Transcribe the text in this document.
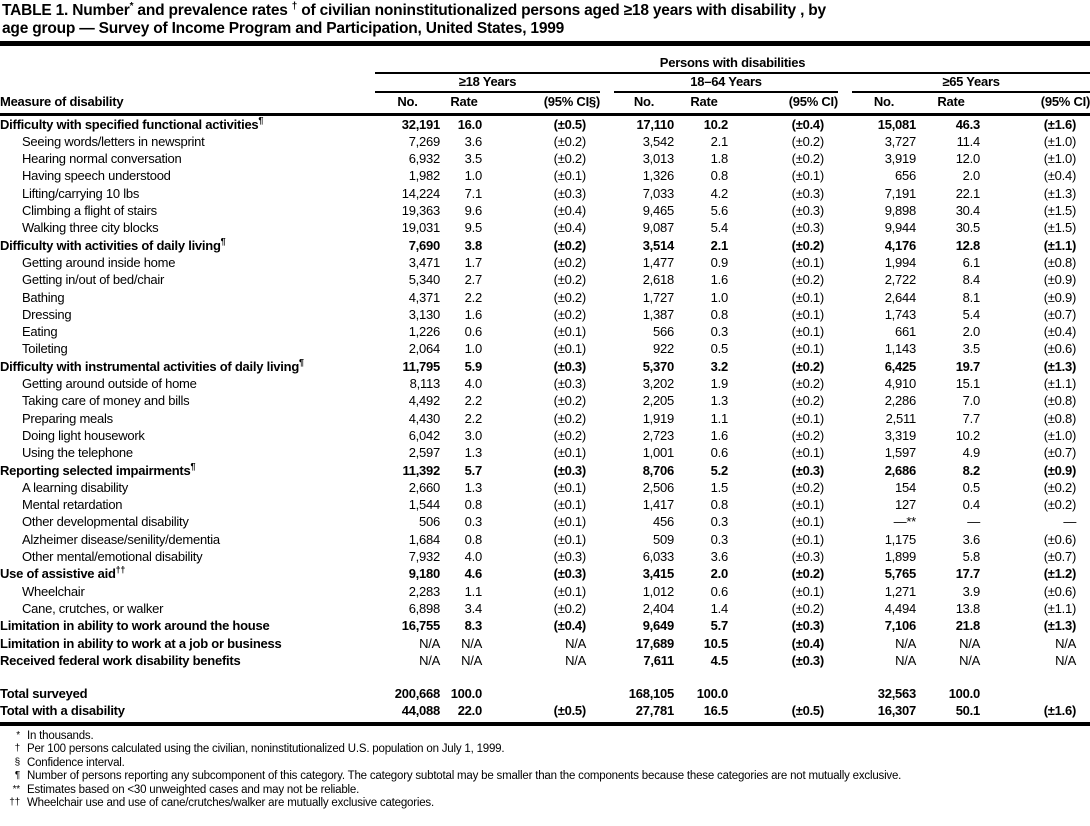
TABLE 1. Number* and prevalence rates † of civilian noninstitutionalized persons aged ≥18 years with disability , by
age group — Survey of Income Program and Participation, United States, 1999
	Persons with disabilities										
	≥18 Years				18–64 Years				≥65 Years		
Measure of disability	No.	Rate	(95% CI§)		No.	Rate	(95% CI)		No.	Rate	(95% CI)
Difficulty with specified functional activities¶	32,191	16.0	(±0.5)		17,110	10.2	(±0.4)		15,081	46.3	(±1.6)
Seeing words/letters in newsprint	7,269	3.6	(±0.2)		3,542	2.1	(±0.2)		3,727	11.4	(±1.0)
Hearing normal conversation	6,932	3.5	(±0.2)		3,013	1.8	(±0.2)		3,919	12.0	(±1.0)
Having speech understood	1,982	1.0	(±0.1)		1,326	0.8	(±0.1)		656	2.0	(±0.4)
Lifting/carrying 10 lbs	14,224	7.1	(±0.3)		7,033	4.2	(±0.3)		7,191	22.1	(±1.3)
Climbing a flight of stairs	19,363	9.6	(±0.4)		9,465	5.6	(±0.3)		9,898	30.4	(±1.5)
Walking three city blocks	19,031	9.5	(±0.4)		9,087	5.4	(±0.3)		9,944	30.5	(±1.5)
Difficulty with activities of daily living¶	7,690	3.8	(±0.2)		3,514	2.1	(±0.2)		4,176	12.8	(±1.1)
Getting around inside home	3,471	1.7	(±0.2)		1,477	0.9	(±0.1)		1,994	6.1	(±0.8)
Getting in/out of bed/chair	5,340	2.7	(±0.2)		2,618	1.6	(±0.2)		2,722	8.4	(±0.9)
Bathing	4,371	2.2	(±0.2)		1,727	1.0	(±0.1)		2,644	8.1	(±0.9)
Dressing	3,130	1.6	(±0.2)		1,387	0.8	(±0.1)		1,743	5.4	(±0.7)
Eating	1,226	0.6	(±0.1)		566	0.3	(±0.1)		661	2.0	(±0.4)
Toileting	2,064	1.0	(±0.1)		922	0.5	(±0.1)		1,143	3.5	(±0.6)
Difficulty with instrumental activities of daily living¶	11,795	5.9	(±0.3)		5,370	3.2	(±0.2)		6,425	19.7	(±1.3)
Getting around outside of home	8,113	4.0	(±0.3)		3,202	1.9	(±0.2)		4,910	15.1	(±1.1)
Taking care of money and bills	4,492	2.2	(±0.2)		2,205	1.3	(±0.2)		2,286	7.0	(±0.8)
Preparing meals	4,430	2.2	(±0.2)		1,919	1.1	(±0.1)		2,511	7.7	(±0.8)
Doing light housework	6,042	3.0	(±0.2)		2,723	1.6	(±0.2)		3,319	10.2	(±1.0)
Using the telephone	2,597	1.3	(±0.1)		1,001	0.6	(±0.1)		1,597	4.9	(±0.7)
Reporting selected impairments¶	11,392	5.7	(±0.3)		8,706	5.2	(±0.3)		2,686	8.2	(±0.9)
A learning disability	2,660	1.3	(±0.1)		2,506	1.5	(±0.2)		154	0.5	(±0.2)
Mental retardation	1,544	0.8	(±0.1)		1,417	0.8	(±0.1)		127	0.4	(±0.2)
Other developmental disability	506	0.3	(±0.1)		456	0.3	(±0.1)		—**	—	—
Alzheimer disease/senility/dementia	1,684	0.8	(±0.1)		509	0.3	(±0.1)		1,175	3.6	(±0.6)
Other mental/emotional disability	7,932	4.0	(±0.3)		6,033	3.6	(±0.3)		1,899	5.8	(±0.7)
Use of assistive aid††	9,180	4.6	(±0.3)		3,415	2.0	(±0.2)		5,765	17.7	(±1.2)
Wheelchair	2,283	1.1	(±0.1)		1,012	0.6	(±0.1)		1,271	3.9	(±0.6)
Cane, crutches, or walker	6,898	3.4	(±0.2)		2,404	1.4	(±0.2)		4,494	13.8	(±1.1)
Limitation in ability to work around the house	16,755	8.3	(±0.4)		9,649	5.7	(±0.3)		7,106	21.8	(±1.3)
Limitation in ability to work at a job or business	N/A	N/A	N/A		17,689	10.5	(±0.4)		N/A	N/A	N/A
Received federal work disability benefits	N/A	N/A	N/A		7,611	4.5	(±0.3)		N/A	N/A	N/A

Total surveyed	200,668	100.0			168,105	100.0			32,563	100.0	
Total with a disability	44,088	22.0	(±0.5)		27,781	16.5	(±0.5)		16,307	50.1	(±1.6)
* In thousands.
† Per 100 persons calculated using the civilian, noninstitutionalized U.S. population on July 1, 1999.
§ Confidence interval.
¶ Number of persons reporting any subcomponent of this category. The category subtotal may be smaller than the components because these categories are not mutually exclusive.
** Estimates based on <30 unweighted cases and may not be reliable.
†† Wheelchair use and use of cane/crutches/walker are mutually exclusive categories.
